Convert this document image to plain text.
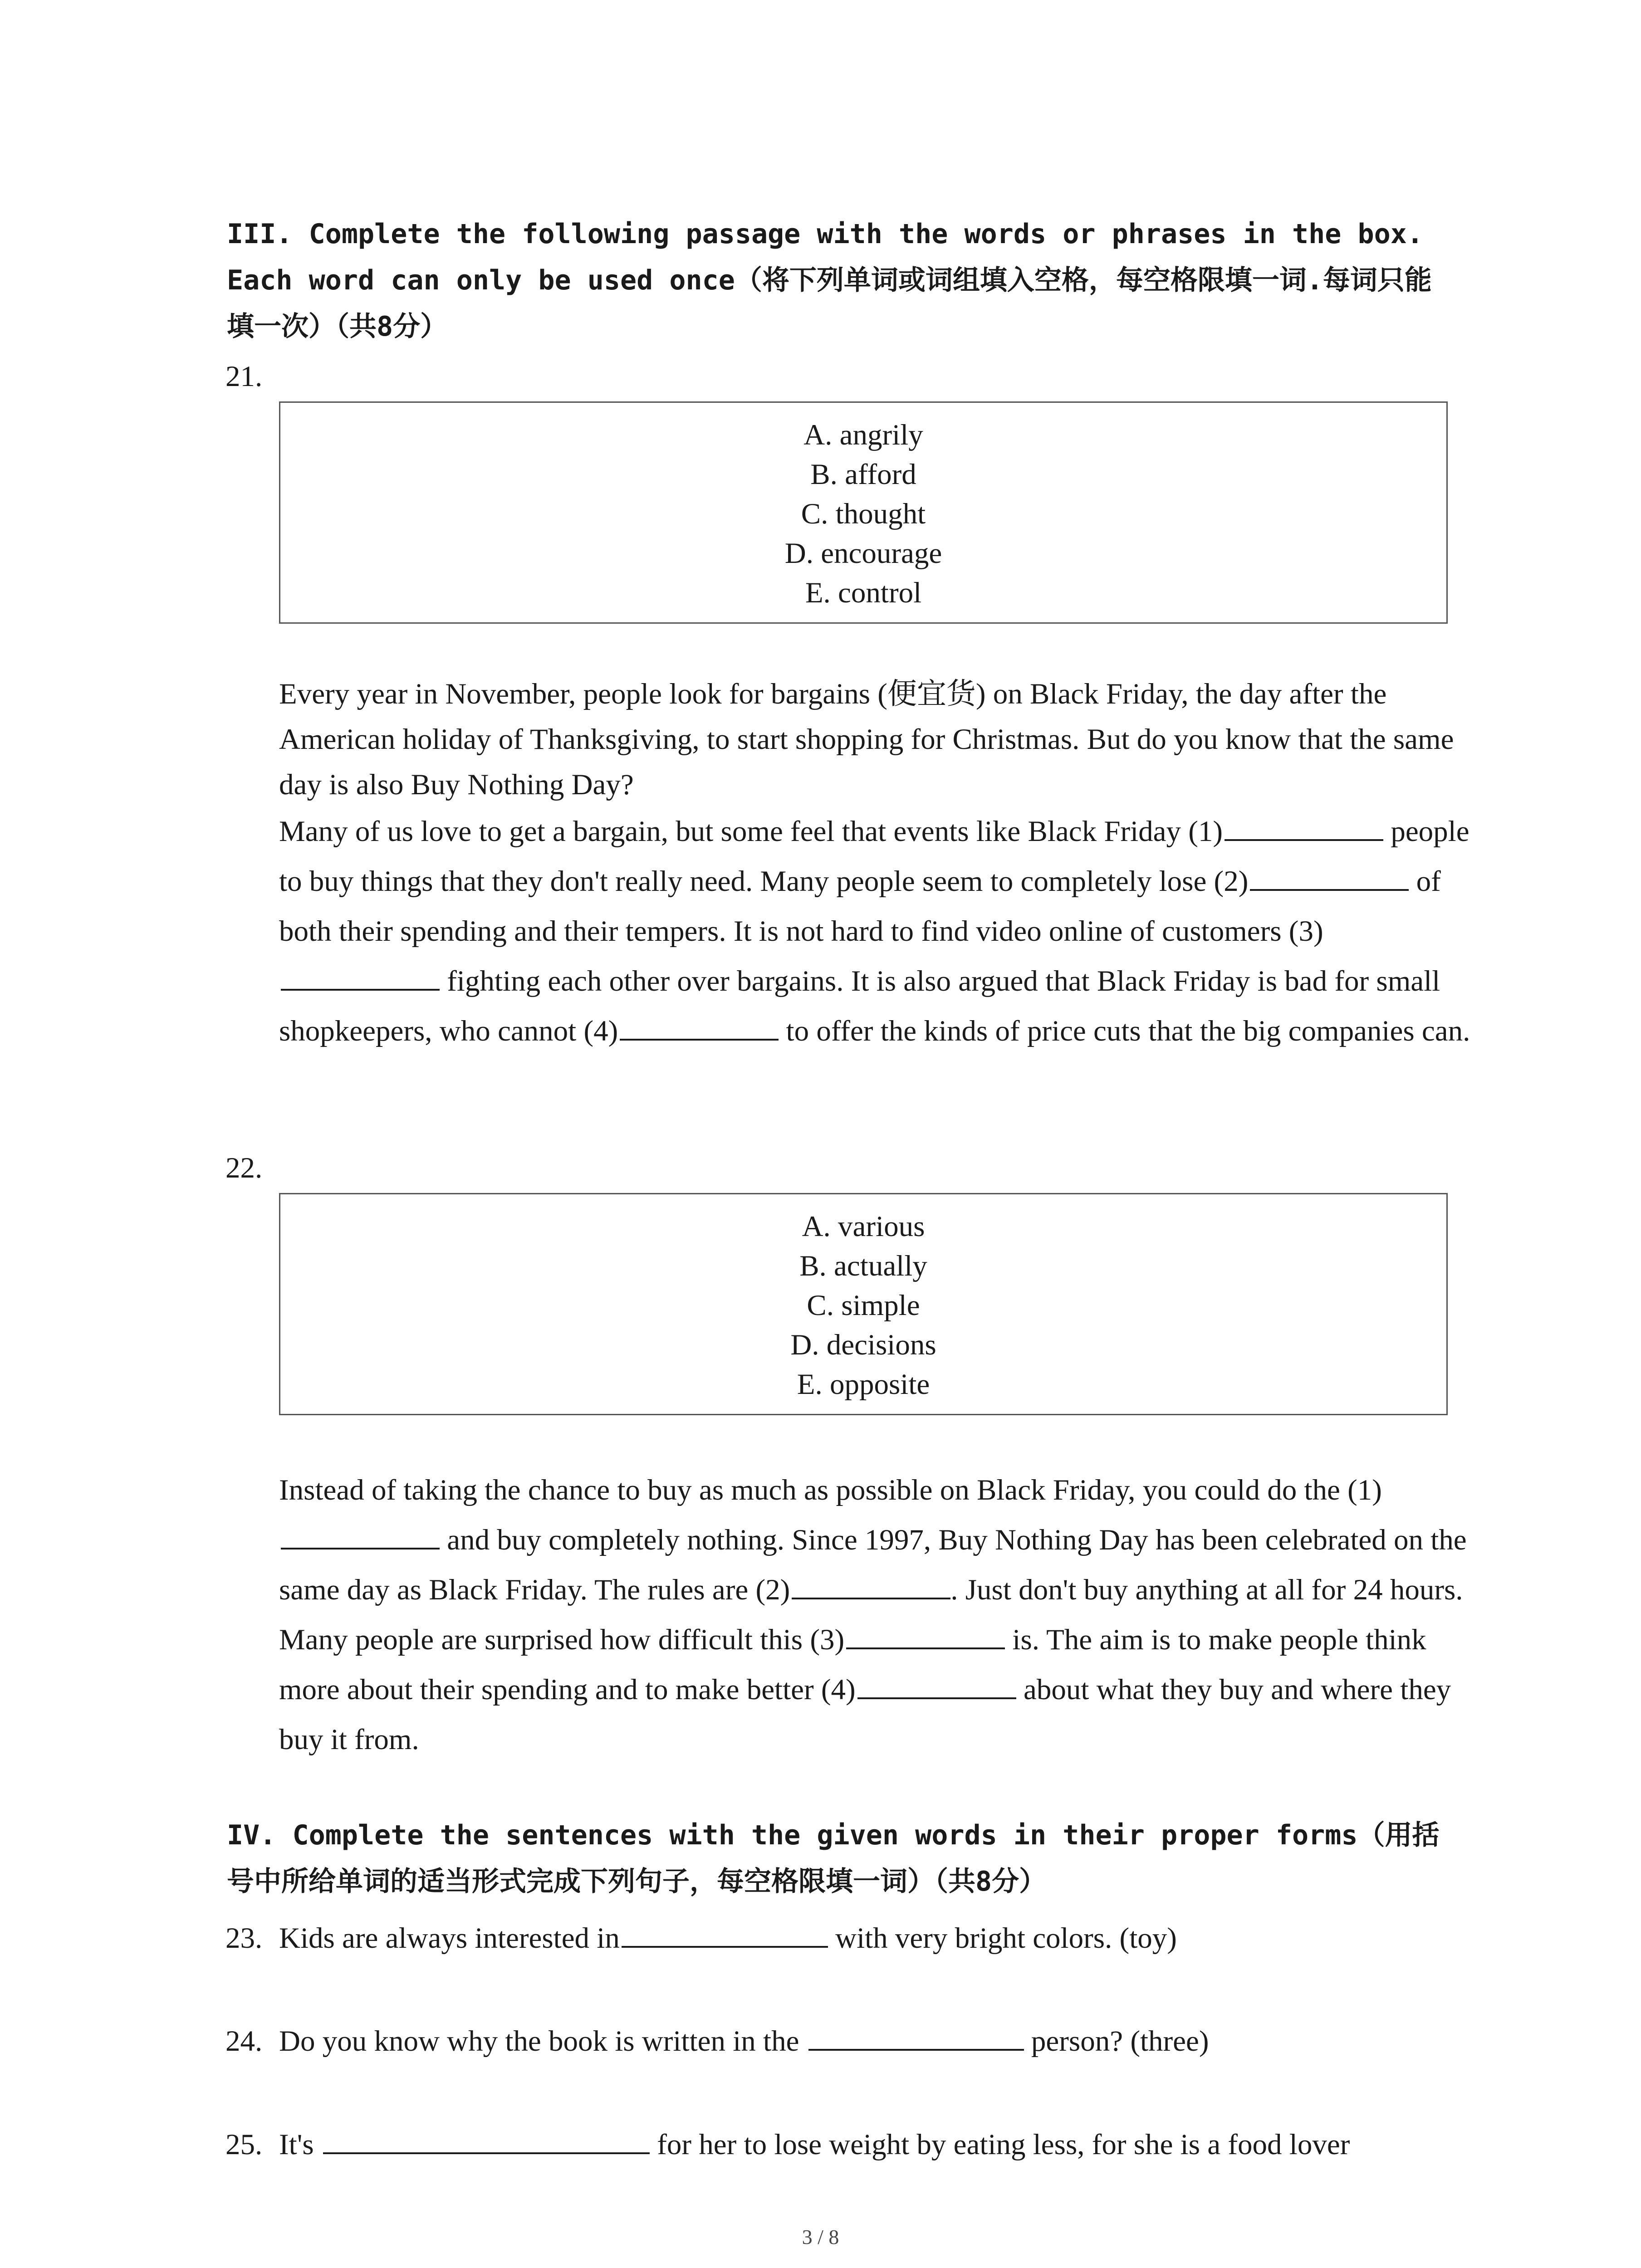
III. Complete the following passage with the words or phrases in the box. Each word can only be used once（将下列单词或词组填入空格，每空格限填一词.每词只能填一次）（共8分）
21.
A. angrily
B. afford
C. thought
D. encourage
E. control

Every year in November, people look for bargains (便宜货) on Black Friday, the day after the American holiday of Thanksgiving, to start shopping for Christmas. But do you know that the same day is also Buy Nothing Day?

Many of us love to get a bargain, but some feel that events like Black Friday (1)	people to buy things that they don't really need. Many people seem to completely lose (2)	of both their spending and their tempers. It is not hard to find video online of customers (3) fighting each other over bargains. It is also argued that Black Friday is bad for small shopkeepers, who cannot (4)	to offer the kinds of price cuts that the big companies can.

22.
A. various
B. actually
C. simple
D. decisions
E. opposite

Instead of taking the chance to buy as much as possible on Black Friday, you could do the (1) and buy completely nothing. Since 1997, Buy Nothing Day has been celebrated on the same day as Black Friday. The rules are (2)	. Just don't buy anything at all for 24 hours. Many people are surprised how difficult this (3)	is. The aim is to make people think more about their spending and to make better (4)	about what they buy and where they buy it from.

IV. Complete the sentences with the given words in their proper forms（用括号中所给单词的适当形式完成下列句子，每空格限填一词）（共8分）
23. Kids are always interested in	with very bright colors. (toy)
24. Do you know why the book is written in the	person? (three)
25. It's	for her to lose weight by eating less, for she is a food lover
3 / 8
